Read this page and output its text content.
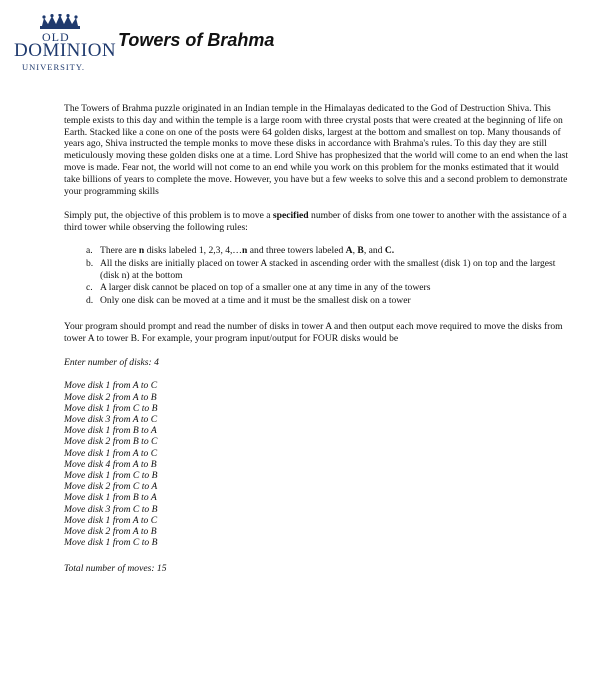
OLD
DOMINION
UNIVERSITY.
Towers of Brahma

The Towers of Brahma puzzle originated in an Indian temple in the Himalayas dedicated to the God of Destruction Shiva. This temple exists to this day and within the temple is a large room with three crystal posts that were created at the beginning of life on Earth. Stacked like a cone on one of the posts were 64 golden disks, largest at the bottom and smallest on top. Many thousands of years ago, Shiva instructed the temple monks to move these disks in accordance with Brahma's rules. To this day they are still meticulously moving these golden disks one at a time. Lord Shive has prophesized that the world will come to an end when the last move is made. Fear not, the world will not come to an end while you work on this problem for the monks estimated that it would take billions of years to complete the move. However, you have but a few weeks to solve this and a second problem to demonstrate your programming skills

Simply put, the objective of this problem is to move a specified number of disks from one tower to another with the assistance of a third tower while observing the following rules:

a. There are n disks labeled 1, 2,3, 4,…n and three towers labeled A, B, and C.
b. All the disks are initially placed on tower A stacked in ascending order with the smallest (disk 1) on top and the largest (disk n) at the bottom
c. A larger disk cannot be placed on top of a smaller one at any time in any of the towers
d. Only one disk can be moved at a time and it must be the smallest disk on a tower

Your program should prompt and read the number of disks in tower A and then output each move required to move the disks from tower A to tower B. For example, your program input/output for FOUR disks would be

Enter number of disks: 4

Move disk 1 from A to C
Move disk 2 from A to B
Move disk 1 from C to B
Move disk 3 from A to C
Move disk 1 from B to A
Move disk 2 from B to C
Move disk 1 from A to C
Move disk 4 from A to B
Move disk 1 from C to B
Move disk 2 from C to A
Move disk 1 from B to A
Move disk 3 from C to B
Move disk 1 from A to C
Move disk 2 from A to B
Move disk 1 from C to B

Total number of moves: 15
